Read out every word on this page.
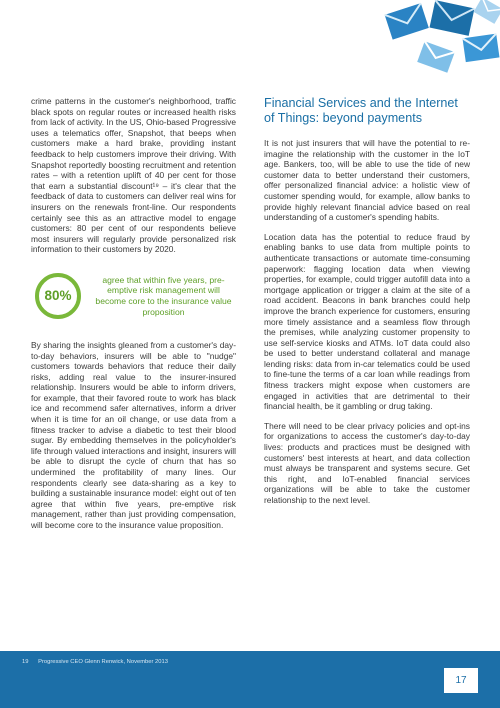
crime patterns in the customer's neighborhood, traffic black spots on regular routes or increased health risks from lack of activity. In the US, Ohio-based Progressive uses a telematics offer, Snapshot, that beeps when customers make a hard brake, providing instant feedback to help customers improve their driving. With Snapshot reportedly boosting recruitment and retention rates – with a retention uplift of 40 per cent for those that earn a substantial discount¹⁹ – it's clear that the feedback of data to customers can deliver real wins for insurers on the renewals front-line. Our respondents certainly see this as an attractive model to engage customers: 80 per cent of our respondents believe most insurers will regularly provide personalized risk information to their customers by 2020.

80%
agree that within five years, pre-emptive risk management will become core to the insurance value proposition

By sharing the insights gleaned from a customer's day-to-day behaviors, insurers will be able to "nudge" customers towards behaviors that reduce their daily risks, adding real value to the insurer-insured relationship. Insurers would be able to inform drivers, for example, that their favored route to work has black ice and recommend safer alternatives, inform a driver when it is time for an oil change, or use data from a fitness tracker to advise a diabetic to test their blood sugar. By embedding themselves in the policyholder's life through valued interactions and insight, insurers will be able to disrupt the cycle of churn that has so undermined the profitability of many lines. Our respondents clearly see data-sharing as a key to building a sustainable insurance model: eight out of ten agree that within five years, pre-emptive risk management, rather than just providing compensation, will become core to the insurance value proposition.

Financial Services and the Internet of Things: beyond payments

It is not just insurers that will have the potential to re-imagine the relationship with the customer in the IoT age. Bankers, too, will be able to use the tide of new customer data to better understand their customers, offer personalized financial advice: a holistic view of customer spending would, for example, allow banks to provide highly relevant financial advice based on real understanding of a customer's spending habits.

Location data has the potential to reduce fraud by enabling banks to use data from multiple points to authenticate transactions or automate time-consuming paperwork: flagging location data when viewing properties, for example, could trigger autofill data into a mortgage application or trigger a claim at the site of a road accident. Beacons in bank branches could help improve the branch experience for customers, ensuring more timely assistance and a seamless flow through the premises, while analyzing customer propensity to use self-service kiosks and ATMs. IoT data could also be used to better understand collateral and manage lending risks: data from in-car telematics could be used to fine-tune the terms of a car loan while readings from fitness trackers might expose when customers are engaged in activities that are detrimental to their financial health, be it gambling or drug taking.

There will need to be clear privacy policies and opt-ins for organizations to access the customer's day-to-day lives: products and practices must be designed with customers' best interests at heart, and data collection must always be transparent and systems secure. Get this right, and IoT-enabled financial services organizations will be able to take the customer relationship to the next level.

19 Progressive CEO Glenn Renwick, November 2013
17
